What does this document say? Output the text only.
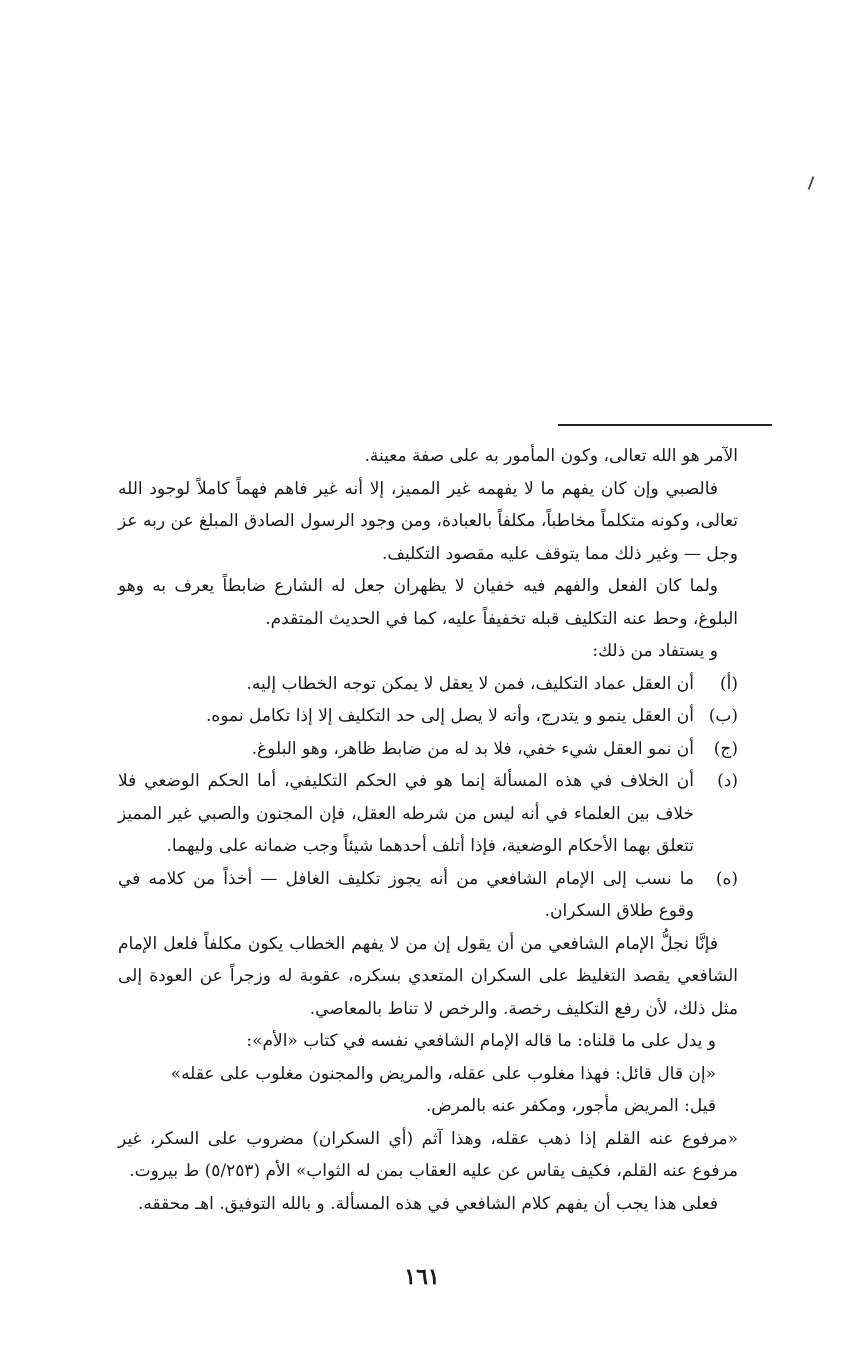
الآمر هو الله تعالى، وكون المأمور به على صفة معينة.

فالصبي وإن كان يفهم ما لا يفهمه غير المميز، إلا أنه غير فاهم فهماً كاملاً لوجود الله تعالى، وكونه متكلماً مخاطباً، مكلفاً بالعبادة، ومن وجود الرسول الصادق المبلغ عن ربه عز وجل — وغير ذلك مما يتوقف عليه مقصود التكليف.

ولما كان الفعل والفهم فيه خفيان لا يظهران جعل له الشارع ضابطاً يعرف به وهو البلوغ، وحط عنه التكليف قبله تخفيفاً عليه، كما في الحديث المتقدم.

و يستفاد من ذلك:

(أ)
أن العقل عماد التكليف، فمن لا يعقل لا يمكن توجه الخطاب إليه.
(ب)
أن العقل ينمو و يتدرج، وأنه لا يصل إلى حد التكليف إلا إذا تكامل نموه.
(ج)
أن نمو العقل شيء خفي، فلا بد له من ضابط ظاهر، وهو البلوغ.
(د)
أن الخلاف في هذه المسألة إنما هو في الحكم التكليفي، أما الحكم الوضعي فلا خلاف بين العلماء في أنه ليس من شرطه العقل، فإن المجنون والصبي غير المميز تتعلق بهما الأحكام الوضعية، فإذا أتلف أحدهما شيئاً وجب ضمانه على وليهما.
(ه)
ما نسب إلى الإمام الشافعي من أنه يجوز تكليف الغافل — أخذاً من كلامه في وقوع طلاق السكران.

فإنَّا نجلُّ الإمام الشافعي من أن يقول إن من لا يفهم الخطاب يكون مكلفاً فلعل الإمام الشافعي يقصد التغليظ على السكران المتعدي بسكره، عقوبة له وزجراً عن العودة إلى مثل ذلك، لأن رفع التكليف رخصة. والرخص لا تناط بالمعاصي.

و يدل على ما قلناه: ما قاله الإمام الشافعي نفسه في كتاب «الأم»:

«إن قال قائل: فهذا مغلوب على عقله، والمريض والمجنون مغلوب على عقله»

قيل: المريض مأجور، ومكفر عنه بالمرض.

«مرفوع عنه القلم إذا ذهب عقله، وهذا آثم (أي السكران) مضروب على السكر، غير مرفوع عنه القلم، فكيف يقاس عن عليه العقاب بمن له الثواب» الأم (٥/٢٥٣) ط بيروت.

فعلى هذا يجب أن يفهم كلام الشافعي في هذه المسألة. و بالله التوفيق. اهـ محققه.

١٦١
